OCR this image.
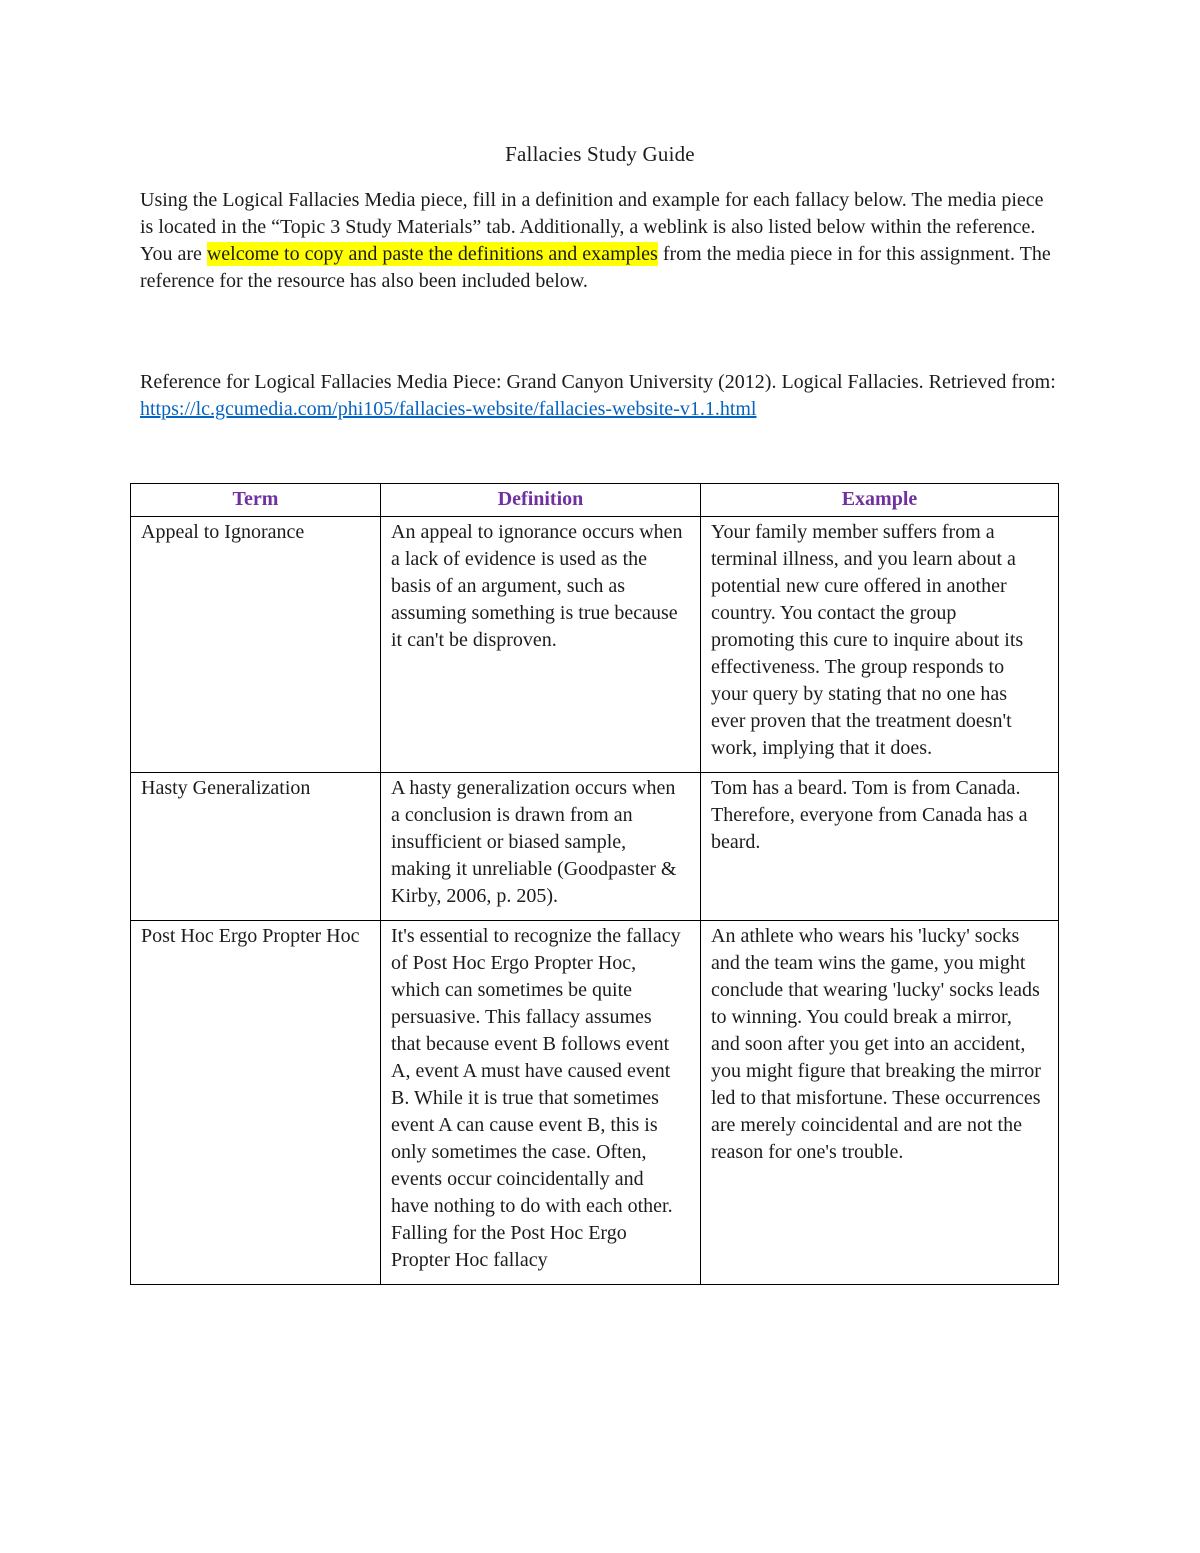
Fallacies Study Guide

Using the Logical Fallacies Media piece, fill in a definition and example for each fallacy below. The media piece is located in the “Topic 3 Study Materials” tab. Additionally, a weblink is also listed below within the reference. You are welcome to copy and paste the definitions and examples from the media piece in for this assignment. The reference for the resource has also been included below.

Reference for Logical Fallacies Media Piece: Grand Canyon University (2012). Logical Fallacies. Retrieved from: https://lc.gcumedia.com/phi105/fallacies-website/fallacies-website-v1.1.html

Term	Definition	Example
Appeal to Ignorance	An appeal to ignorance occurs when a lack of evidence is used as the basis of an argument, such as assuming something is true because it can't be disproven.	Your family member suffers from a terminal illness, and you learn about a potential new cure offered in another country. You contact the group promoting this cure to inquire about its effectiveness. The group responds to your query by stating that no one has ever proven that the treatment doesn't work, implying that it does.
Hasty Generalization	A hasty generalization occurs when a conclusion is drawn from an insufficient or biased sample, making it unreliable (Goodpaster & Kirby, 2006, p. 205).	Tom has a beard. Tom is from Canada. Therefore, everyone from Canada has a beard.
Post Hoc Ergo Propter Hoc	It's essential to recognize the fallacy of Post Hoc Ergo Propter Hoc, which can sometimes be quite persuasive. This fallacy assumes that because event B follows event A, event A must have caused event B. While it is true that sometimes event A can cause event B, this is only sometimes the case. Often, events occur coincidentally and have nothing to do with each other. Falling for the Post Hoc Ergo Propter Hoc fallacy	An athlete who wears his 'lucky' socks and the team wins the game, you might conclude that wearing 'lucky' socks leads to winning. You could break a mirror, and soon after you get into an accident, you might figure that breaking the mirror led to that misfortune. These occurrences are merely coincidental and are not the reason for one's trouble.
